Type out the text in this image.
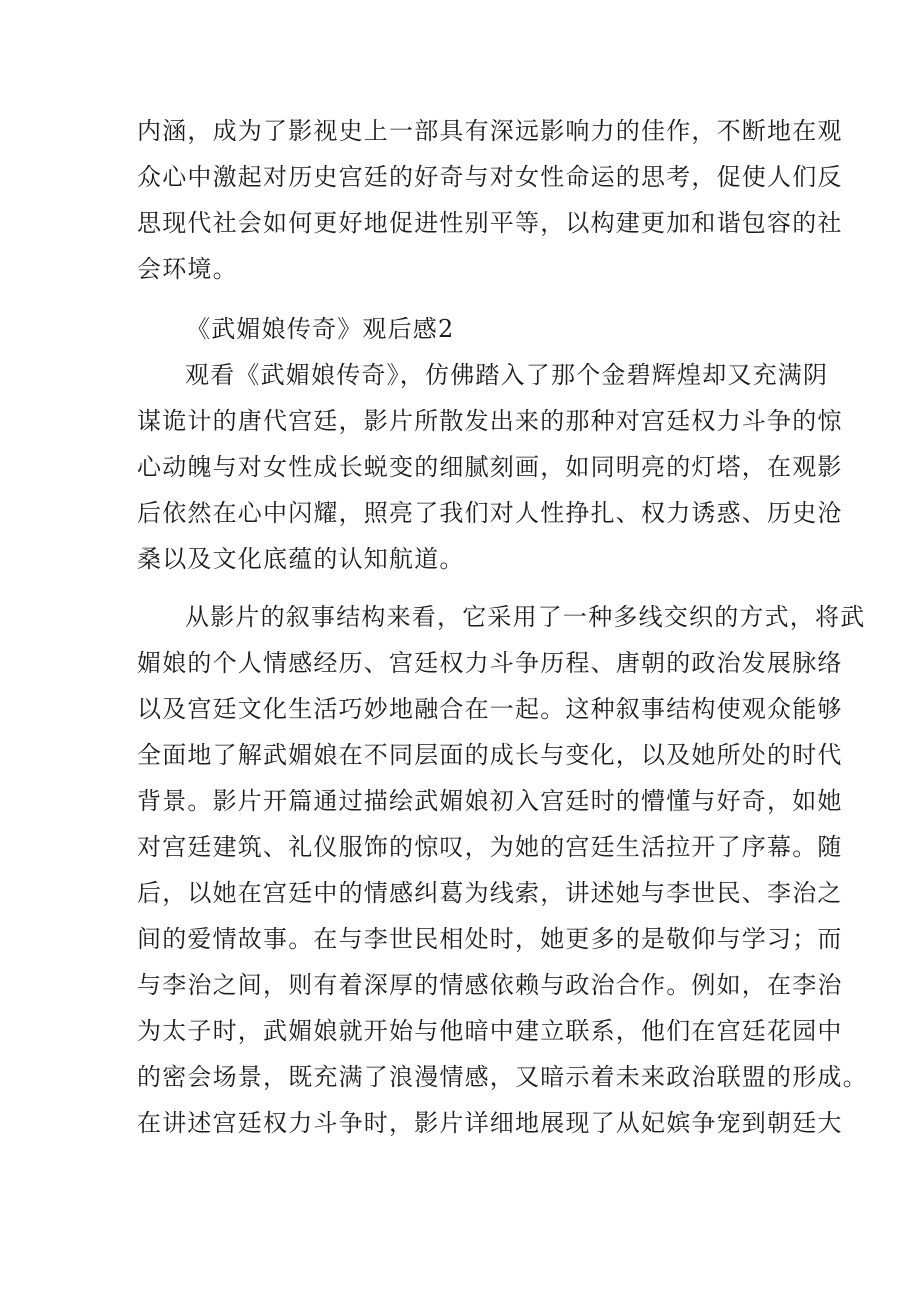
内涵，成为了影视史上一部具有深远影响力的佳作，不断地在观
众心中激起对历史宫廷的好奇与对女性命运的思考，促使人们反
思现代社会如何更好地促进性别平等，以构建更加和谐包容的社
会环境。
《武媚娘传奇》观后感2
观看《武媚娘传奇》，仿佛踏入了那个金碧辉煌却又充满阴
谋诡计的唐代宫廷，影片所散发出来的那种对宫廷权力斗争的惊
心动魄与对女性成长蜕变的细腻刻画，如同明亮的灯塔，在观影
后依然在心中闪耀，照亮了我们对人性挣扎、权力诱惑、历史沧
桑以及文化底蕴的认知航道。
从影片的叙事结构来看，它采用了一种多线交织的方式，将武
媚娘的个人情感经历、宫廷权力斗争历程、唐朝的政治发展脉络
以及宫廷文化生活巧妙地融合在一起。这种叙事结构使观众能够
全面地了解武媚娘在不同层面的成长与变化，以及她所处的时代
背景。影片开篇通过描绘武媚娘初入宫廷时的懵懂与好奇，如她
对宫廷建筑、礼仪服饰的惊叹，为她的宫廷生活拉开了序幕。随
后，以她在宫廷中的情感纠葛为线索，讲述她与李世民、李治之
间的爱情故事。在与李世民相处时，她更多的是敬仰与学习；而
与李治之间，则有着深厚的情感依赖与政治合作。例如，在李治
为太子时，武媚娘就开始与他暗中建立联系，他们在宫廷花园中
的密会场景，既充满了浪漫情感，又暗示着未来政治联盟的形成。
在讲述宫廷权力斗争时，影片详细地展现了从妃嫔争宠到朝廷大
